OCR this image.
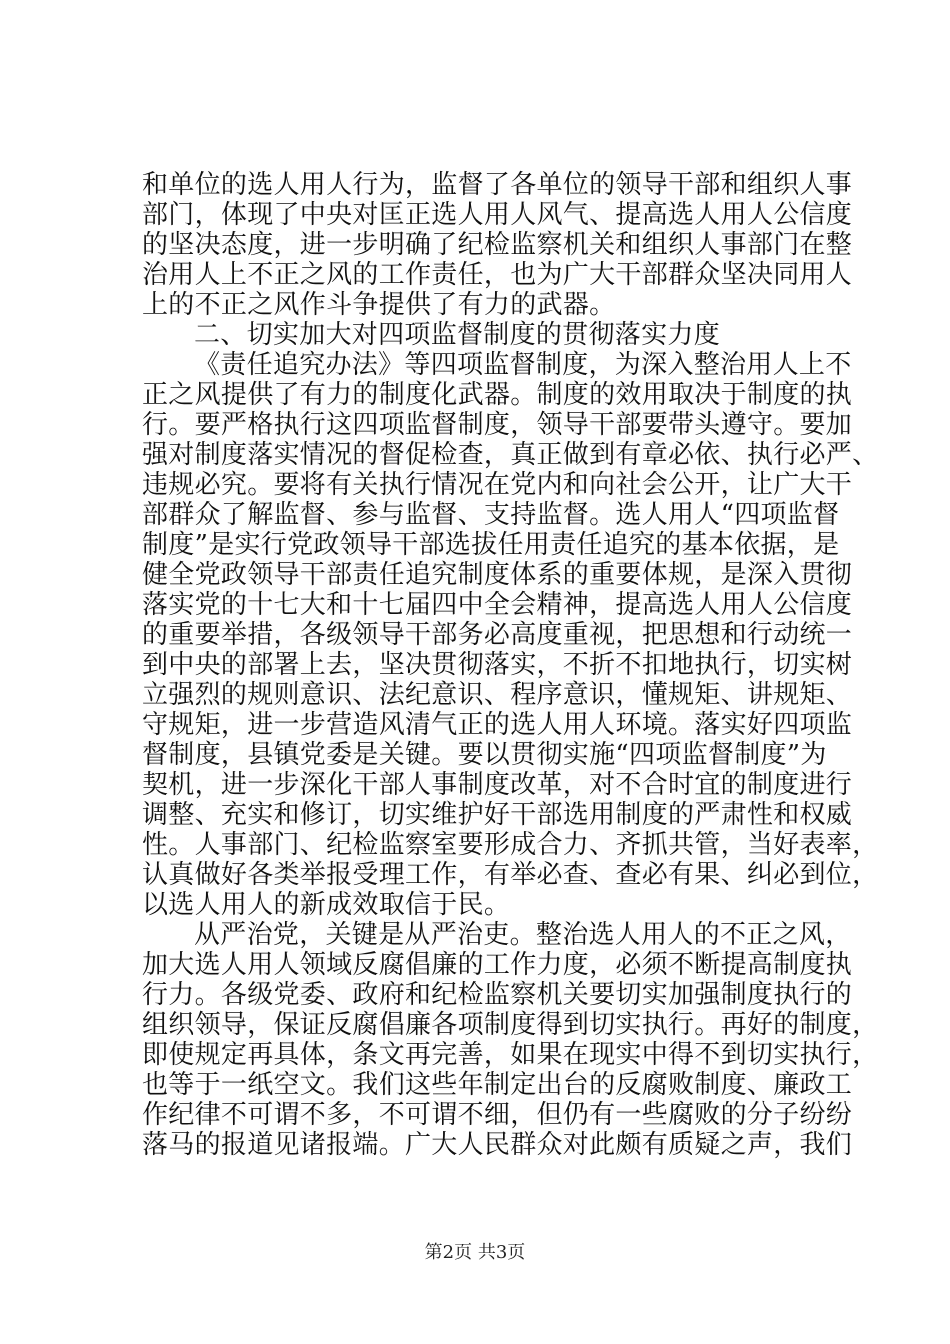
和单位的选人用人行为，监督了各单位的领导干部和组织人事
部门，体现了中央对匡正选人用人风气、提高选人用人公信度
的坚决态度，进一步明确了纪检监察机关和组织人事部门在整
治用人上不正之风的工作责任，也为广大干部群众坚决同用人
上的不正之风作斗争提供了有力的武器。
二、切实加大对四项监督制度的贯彻落实力度
《责任追究办法》等四项监督制度，为深入整治用人上不
正之风提供了有力的制度化武器。制度的效用取决于制度的执
行。要严格执行这四项监督制度，领导干部要带头遵守。要加
强对制度落实情况的督促检查，真正做到有章必依、执行必严、
违规必究。要将有关执行情况在党内和向社会公开，让广大干
部群众了解监督、参与监督、支持监督。选人用人“四项监督
制度”是实行党政领导干部选拔任用责任追究的基本依据，是
健全党政领导干部责任追究制度体系的重要体规，是深入贯彻
落实党的十七大和十七届四中全会精神，提高选人用人公信度
的重要举措，各级领导干部务必高度重视，把思想和行动统一
到中央的部署上去，坚决贯彻落实，不折不扣地执行，切实树
立强烈的规则意识、法纪意识、程序意识，懂规矩、讲规矩、
守规矩，进一步营造风清气正的选人用人环境。落实好四项监
督制度，县镇党委是关键。要以贯彻实施“四项监督制度”为
契机，进一步深化干部人事制度改革，对不合时宜的制度进行
调整、充实和修订，切实维护好干部选用制度的严肃性和权威
性。人事部门、纪检监察室要形成合力、齐抓共管，当好表率，
认真做好各类举报受理工作，有举必查、查必有果、纠必到位，
以选人用人的新成效取信于民。
从严治党，关键是从严治吏。整治选人用人的不正之风，
加大选人用人领域反腐倡廉的工作力度，必须不断提高制度执
行力。各级党委、政府和纪检监察机关要切实加强制度执行的
组织领导，保证反腐倡廉各项制度得到切实执行。再好的制度，
即使规定再具体，条文再完善，如果在现实中得不到切实执行，
也等于一纸空文。我们这些年制定出台的反腐败制度、廉政工
作纪律不可谓不多，不可谓不细，但仍有一些腐败的分子纷纷
落马的报道见诸报端。广大人民群众对此颇有质疑之声，我们
第2页 共3页
